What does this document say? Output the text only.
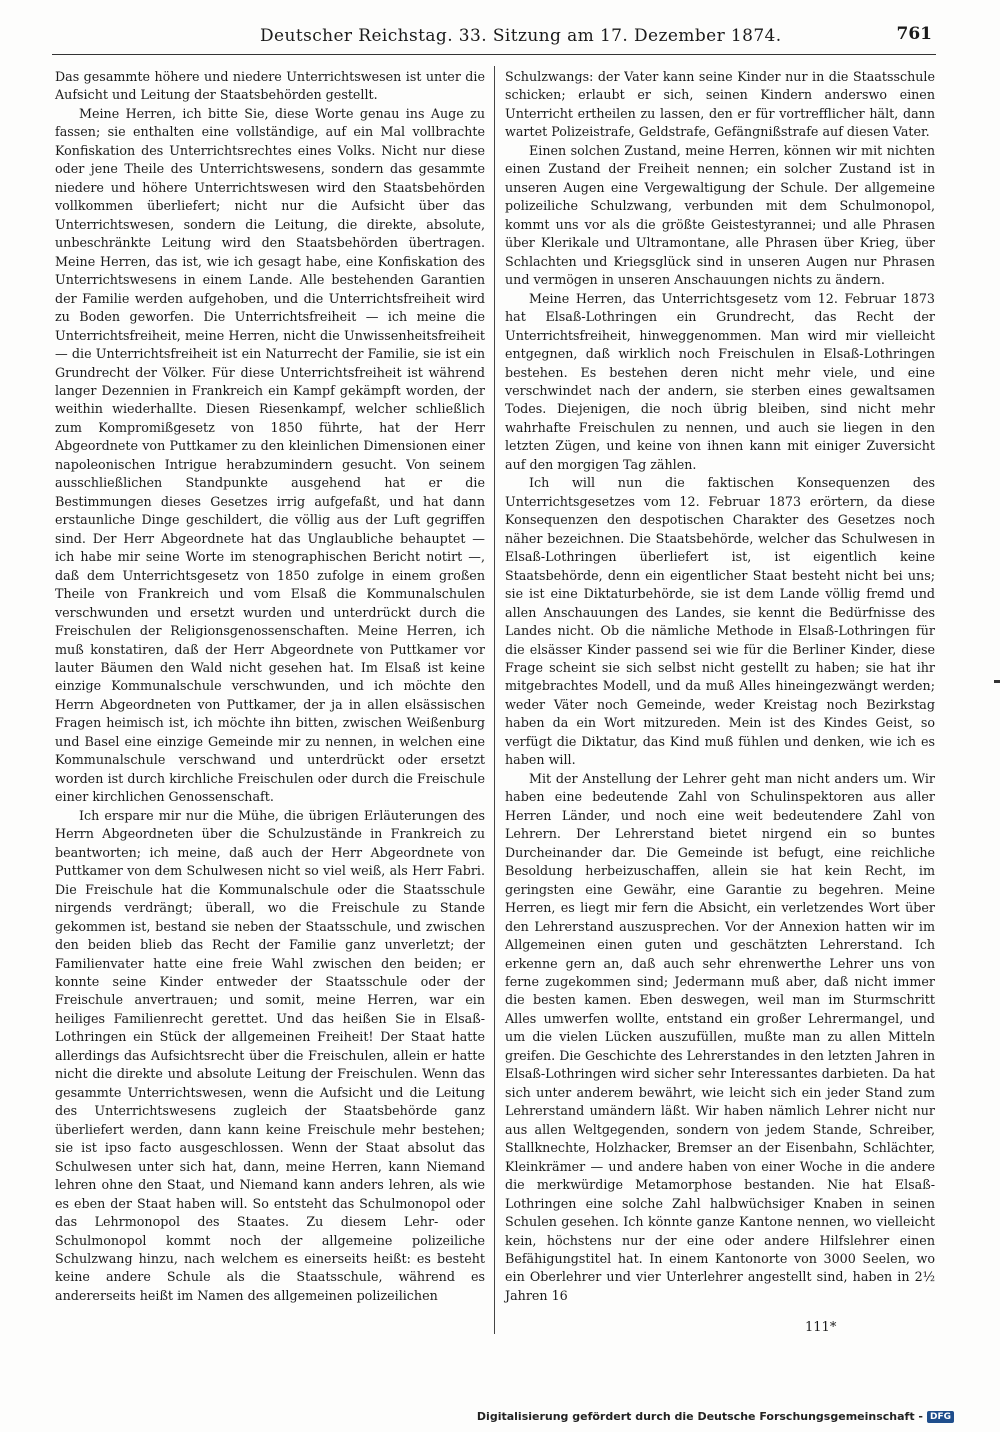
Deutscher Reichstag. 33. Sitzung am 17. Dezember 1874.	761

Das gesammte höhere und niedere Unterrichtswesen ist unter die Aufsicht und Leitung der Staatsbehörden gestellt.

Meine Herren, ich bitte Sie, diese Worte genau ins Auge zu fassen; sie enthalten eine vollständige, auf ein Mal vollbrachte Konfiskation des Unterrichtsrechtes eines Volks. Nicht nur diese oder jene Theile des Unterrichtswesens, sondern das gesammte niedere und höhere Unterrichtswesen wird den Staatsbehörden vollkommen überliefert; nicht nur die Aufsicht über das Unterrichtswesen, sondern die Leitung, die direkte, absolute, unbeschränkte Leitung wird den Staatsbehörden übertragen. Meine Herren, das ist, wie ich gesagt habe, eine Konfiskation des Unterrichtswesens in einem Lande. Alle bestehenden Garantien der Familie werden aufgehoben, und die Unterrichtsfreiheit wird zu Boden geworfen. Die Unterrichtsfreiheit — ich meine die Unterrichtsfreiheit, meine Herren, nicht die Unwissenheitsfreiheit — die Unterrichtsfreiheit ist ein Naturrecht der Familie, sie ist ein Grundrecht der Völker. Für diese Unterrichtsfreiheit ist während langer Dezennien in Frankreich ein Kampf gekämpft worden, der weithin wiederhallte. Diesen Riesenkampf, welcher schließlich zum Kompromißgesetz von 1850 führte, hat der Herr Abgeordnete von Puttkamer zu den kleinlichen Dimensionen einer napoleonischen Intrigue herabzumindern gesucht. Von seinem ausschließlichen Standpunkte ausgehend hat er die Bestimmungen dieses Gesetzes irrig aufgefaßt, und hat dann erstaunliche Dinge geschildert, die völlig aus der Luft gegriffen sind. Der Herr Abgeordnete hat das Unglaubliche behauptet — ich habe mir seine Worte im stenographischen Bericht notirt —, daß dem Unterrichtsgesetz von 1850 zufolge in einem großen Theile von Frankreich und vom Elsaß die Kommunalschulen verschwunden und ersetzt wurden und unterdrückt durch die Freischulen der Religionsgenossenschaften. Meine Herren, ich muß konstatiren, daß der Herr Abgeordnete von Puttkamer vor lauter Bäumen den Wald nicht gesehen hat. Im Elsaß ist keine einzige Kommunalschule verschwunden, und ich möchte den Herrn Abgeordneten von Puttkamer, der ja in allen elsässischen Fragen heimisch ist, ich möchte ihn bitten, zwischen Weißenburg und Basel eine einzige Gemeinde mir zu nennen, in welchen eine Kommunalschule verschwand und unterdrückt oder ersetzt worden ist durch kirchliche Freischulen oder durch die Freischule einer kirchlichen Genossenschaft.

Ich erspare mir nur die Mühe, die übrigen Erläuterungen des Herrn Abgeordneten über die Schulzustände in Frankreich zu beantworten; ich meine, daß auch der Herr Abgeordnete von Puttkamer von dem Schulwesen nicht so viel weiß, als Herr Fabri. Die Freischule hat die Kommunalschule oder die Staatsschule nirgends verdrängt; überall, wo die Freischule zu Stande gekommen ist, bestand sie neben der Staatsschule, und zwischen den beiden blieb das Recht der Familie ganz unverletzt; der Familienvater hatte eine freie Wahl zwischen den beiden; er konnte seine Kinder entweder der Staatsschule oder der Freischule anvertrauen; und somit, meine Herren, war ein heiliges Familienrecht gerettet. Und das heißen Sie in Elsaß-Lothringen ein Stück der allgemeinen Freiheit! Der Staat hatte allerdings das Aufsichtsrecht über die Freischulen, allein er hatte nicht die direkte und absolute Leitung der Freischulen. Wenn das gesammte Unterrichtswesen, wenn die Aufsicht und die Leitung des Unterrichtswesens zugleich der Staatsbehörde ganz überliefert werden, dann kann keine Freischule mehr bestehen; sie ist ipso facto ausgeschlossen. Wenn der Staat absolut das Schulwesen unter sich hat, dann, meine Herren, kann Niemand lehren ohne den Staat, und Niemand kann anders lehren, als wie es eben der Staat haben will. So entsteht das Schulmonopol oder das Lehrmonopol des Staates. Zu diesem Lehr- oder Schulmonopol kommt noch der allgemeine polizeiliche Schulzwang hinzu, nach welchem es einerseits heißt: es besteht keine andere Schule als die Staatsschule, während es andererseits heißt im Namen des allgemeinen polizeilichen

Schulzwangs: der Vater kann seine Kinder nur in die Staatsschule schicken; erlaubt er sich, seinen Kindern anderswo einen Unterricht ertheilen zu lassen, den er für vortrefflicher hält, dann wartet Polizeistrafe, Geldstrafe, Gefängnißstrafe auf diesen Vater.

Einen solchen Zustand, meine Herren, können wir mit nichten einen Zustand der Freiheit nennen; ein solcher Zustand ist in unseren Augen eine Vergewaltigung der Schule. Der allgemeine polizeiliche Schulzwang, verbunden mit dem Schulmonopol, kommt uns vor als die größte Geistestyrannei; und alle Phrasen über Klerikale und Ultramontane, alle Phrasen über Krieg, über Schlachten und Kriegsglück sind in unseren Augen nur Phrasen und vermögen in unseren Anschauungen nichts zu ändern.

Meine Herren, das Unterrichtsgesetz vom 12. Februar 1873 hat Elsaß-Lothringen ein Grundrecht, das Recht der Unterrichtsfreiheit, hinweggenommen. Man wird mir vielleicht entgegnen, daß wirklich noch Freischulen in Elsaß-Lothringen bestehen. Es bestehen deren nicht mehr viele, und eine verschwindet nach der andern, sie sterben eines gewaltsamen Todes. Diejenigen, die noch übrig bleiben, sind nicht mehr wahrhafte Freischulen zu nennen, und auch sie liegen in den letzten Zügen, und keine von ihnen kann mit einiger Zuversicht auf den morgigen Tag zählen.

Ich will nun die faktischen Konsequenzen des Unterrichtsgesetzes vom 12. Februar 1873 erörtern, da diese Konsequenzen den despotischen Charakter des Gesetzes noch näher bezeichnen. Die Staatsbehörde, welcher das Schulwesen in Elsaß-Lothringen überliefert ist, ist eigentlich keine Staatsbehörde, denn ein eigentlicher Staat besteht nicht bei uns; sie ist eine Diktaturbehörde, sie ist dem Lande völlig fremd und allen Anschauungen des Landes, sie kennt die Bedürfnisse des Landes nicht. Ob die nämliche Methode in Elsaß-Lothringen für die elsässer Kinder passend sei wie für die Berliner Kinder, diese Frage scheint sie sich selbst nicht gestellt zu haben; sie hat ihr mitgebrachtes Modell, und da muß Alles hineingezwängt werden; weder Väter noch Gemeinde, weder Kreistag noch Bezirkstag haben da ein Wort mitzureden. Mein ist des Kindes Geist, so verfügt die Diktatur, das Kind muß fühlen und denken, wie ich es haben will.

Mit der Anstellung der Lehrer geht man nicht anders um. Wir haben eine bedeutende Zahl von Schulinspektoren aus aller Herren Länder, und noch eine weit bedeutendere Zahl von Lehrern. Der Lehrerstand bietet nirgend ein so buntes Durcheinander dar. Die Gemeinde ist befugt, eine reichliche Besoldung herbeizuschaffen, allein sie hat kein Recht, im geringsten eine Gewähr, eine Garantie zu begehren. Meine Herren, es liegt mir fern die Absicht, ein verletzendes Wort über den Lehrerstand auszusprechen. Vor der Annexion hatten wir im Allgemeinen einen guten und geschätzten Lehrerstand. Ich erkenne gern an, daß auch sehr ehrenwerthe Lehrer uns von ferne zugekommen sind; Jedermann muß aber, daß nicht immer die besten kamen. Eben deswegen, weil man im Sturmschritt Alles umwerfen wollte, entstand ein großer Lehrermangel, und um die vielen Lücken auszufüllen, mußte man zu allen Mitteln greifen. Die Geschichte des Lehrerstandes in den letzten Jahren in Elsaß-Lothringen wird sicher sehr Interessantes darbieten. Da hat sich unter anderem bewährt, wie leicht sich ein jeder Stand zum Lehrerstand umändern läßt. Wir haben nämlich Lehrer nicht nur aus allen Weltgegenden, sondern von jedem Stande, Schreiber, Stallknechte, Holzhacker, Bremser an der Eisenbahn, Schlächter, Kleinkrämer — und andere haben von einer Woche in die andere die merkwürdige Metamorphose bestanden. Nie hat Elsaß-Lothringen eine solche Zahl halbwüchsiger Knaben in seinen Schulen gesehen. Ich könnte ganze Kantone nennen, wo vielleicht kein, höchstens nur der eine oder andere Hilfslehrer einen Befähigungstitel hat. In einem Kantonorte von 3000 Seelen, wo ein Oberlehrer und vier Unterlehrer angestellt sind, haben in 2½ Jahren 16

111*
Digitalisierung gefördert durch die Deutsche Forschungsgemeinschaft - DFG
